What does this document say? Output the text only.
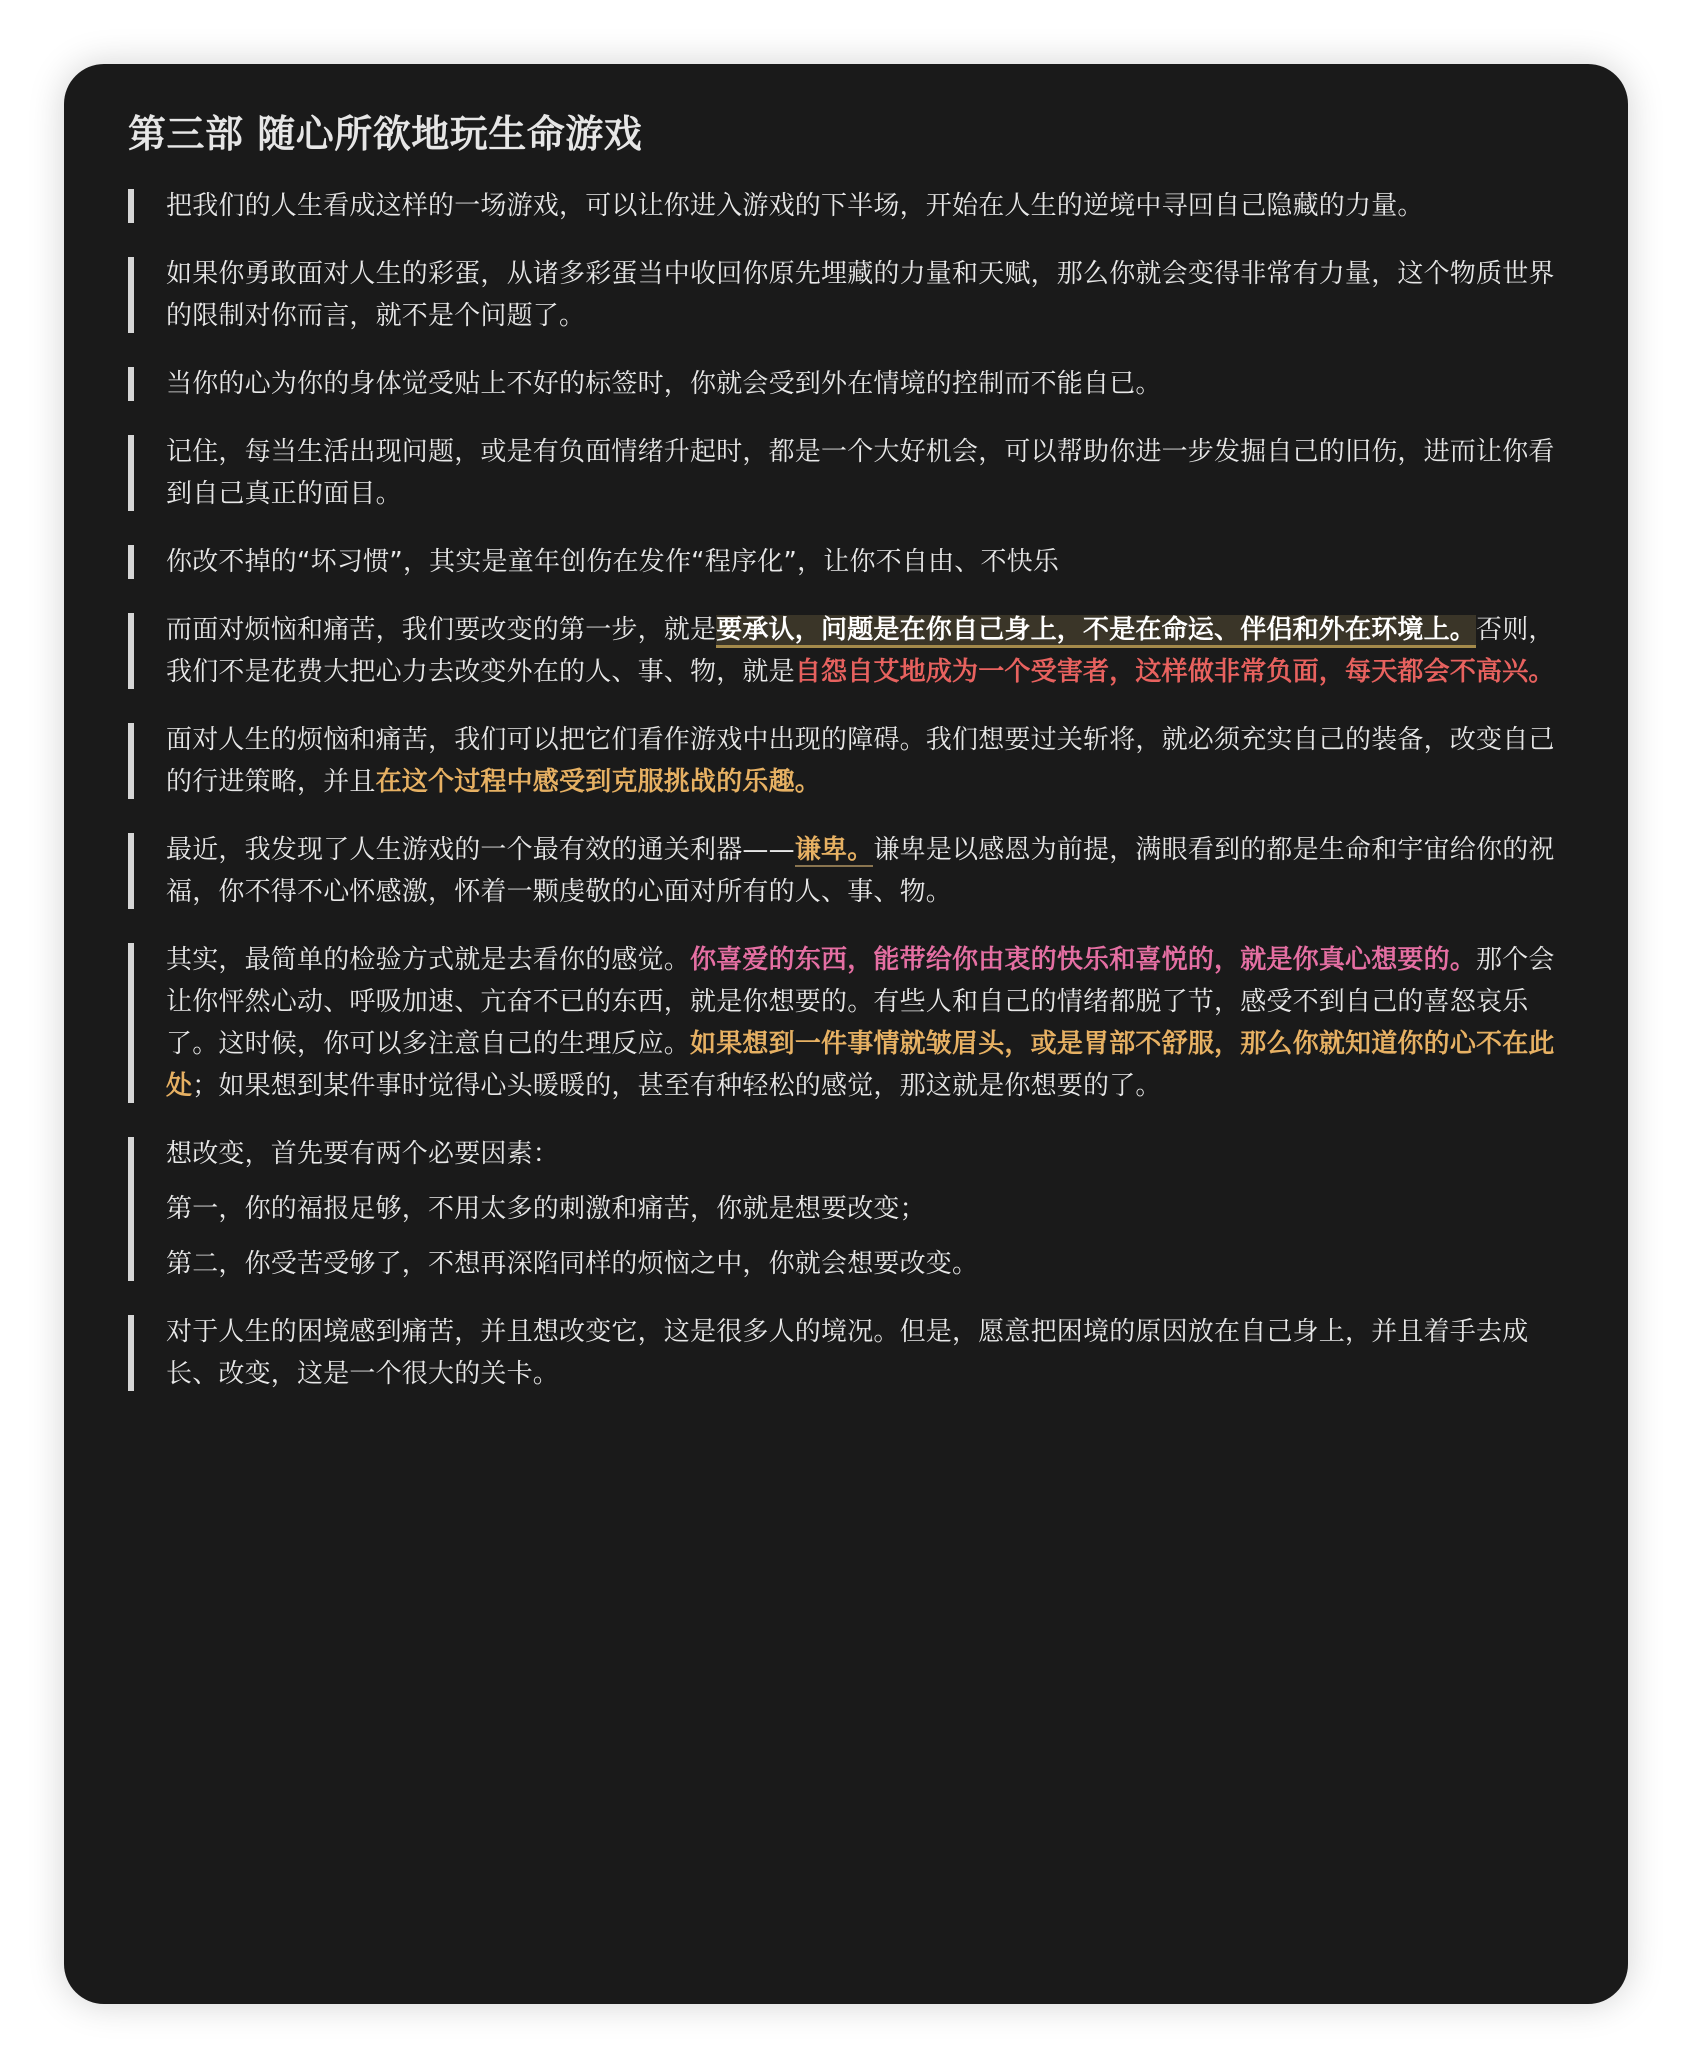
第三部 随心所欲地玩生命游戏

把我们的人生看成这样的一场游戏，可以让你进入游戏的下半场，开始在人生的逆境中寻回自己隐藏的力量。

如果你勇敢面对人生的彩蛋，从诸多彩蛋当中收回你原先埋藏的力量和天赋，那么你就会变得非常有力量，这个物质世界的限制对你而言，就不是个问题了。

当你的心为你的身体觉受贴上不好的标签时，你就会受到外在情境的控制而不能自已。

记住，每当生活出现问题，或是有负面情绪升起时，都是一个大好机会，可以帮助你进一步发掘自己的旧伤，进而让你看到自己真正的面目。

你改不掉的“坏习惯”，其实是童年创伤在发作“程序化”，让你不自由、不快乐

而面对烦恼和痛苦，我们要改变的第一步，就是要承认，问题是在你自己身上，不是在命运、伴侣和外在环境上。否则，我们不是花费大把心力去改变外在的人、事、物，就是自怨自艾地成为一个受害者，这样做非常负面，每天都会不高兴。

面对人生的烦恼和痛苦，我们可以把它们看作游戏中出现的障碍。我们想要过关斩将，就必须充实自己的装备，改变自己的行进策略，并且在这个过程中感受到克服挑战的乐趣。

最近，我发现了人生游戏的一个最有效的通关利器——谦卑。谦卑是以感恩为前提，满眼看到的都是生命和宇宙给你的祝福，你不得不心怀感激，怀着一颗虔敬的心面对所有的人、事、物。

其实，最简单的检验方式就是去看你的感觉。你喜爱的东西，能带给你由衷的快乐和喜悦的，就是你真心想要的。那个会让你怦然心动、呼吸加速、亢奋不已的东西，就是你想要的。有些人和自己的情绪都脱了节，感受不到自己的喜怒哀乐了。这时候，你可以多注意自己的生理反应。如果想到一件事情就皱眉头，或是胃部不舒服，那么你就知道你的心不在此处；如果想到某件事时觉得心头暖暖的，甚至有种轻松的感觉，那这就是你想要的了。

想改变，首先要有两个必要因素：

第一，你的福报足够，不用太多的刺激和痛苦，你就是想要改变；

第二，你受苦受够了，不想再深陷同样的烦恼之中，你就会想要改变。

对于人生的困境感到痛苦，并且想改变它，这是很多人的境况。但是，愿意把困境的原因放在自己身上，并且着手去成长、改变，这是一个很大的关卡。
